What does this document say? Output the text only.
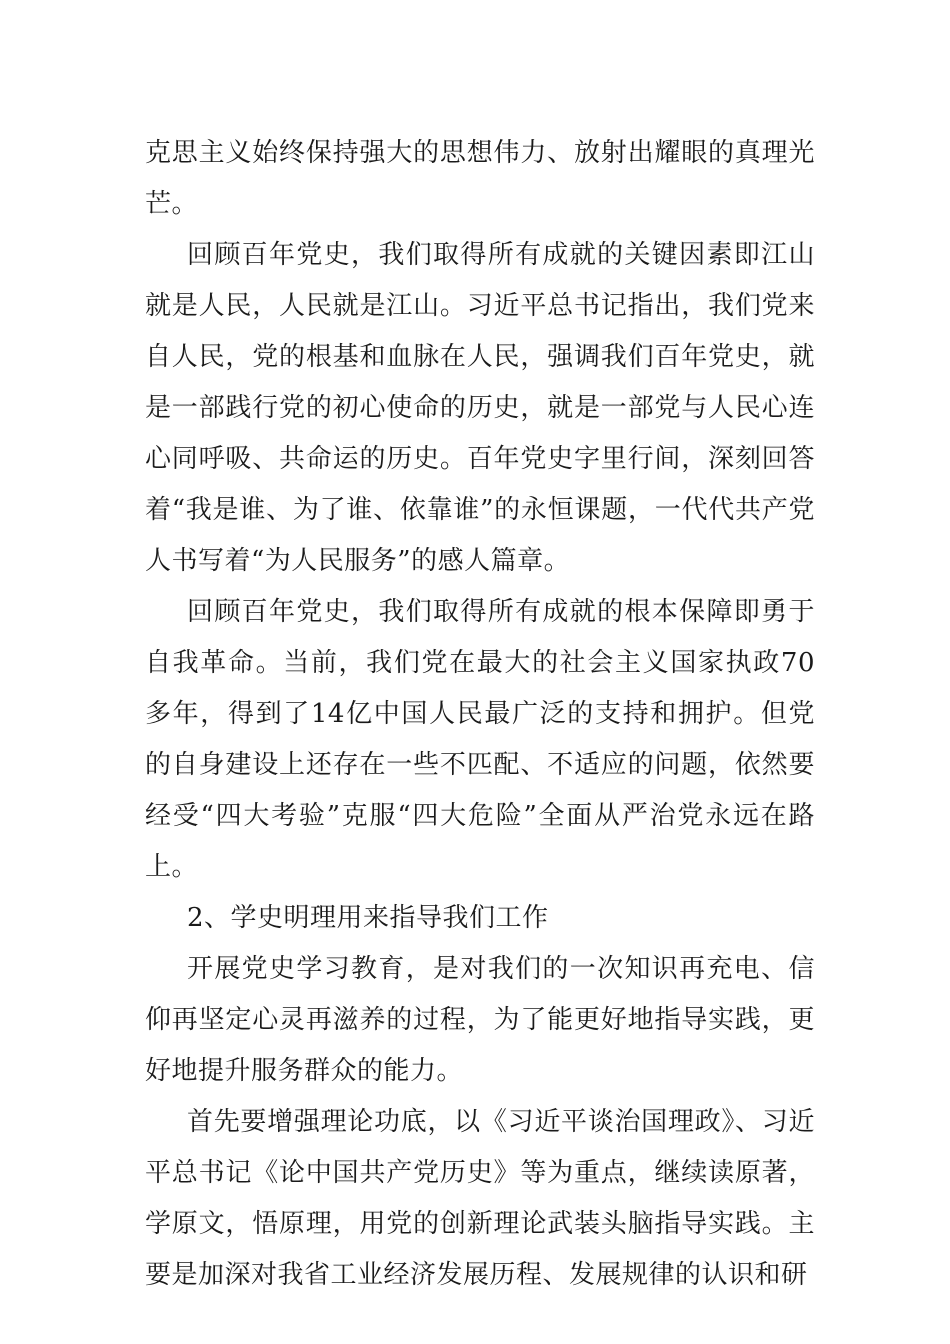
克思主义始终保持强大的思想伟力、放射出耀眼的真理光芒。

回顾百年党史，我们取得所有成就的关键因素即江山就是人民，人民就是江山。习近平总书记指出，我们党来自人民，党的根基和血脉在人民，强调我们百年党史，就是一部践行党的初心使命的历史，就是一部党与人民心连心同呼吸、共命运的历史。百年党史字里行间，深刻回答着“我是谁、为了谁、依靠谁”的永恒课题，一代代共产党人书写着“为人民服务”的感人篇章。

回顾百年党史，我们取得所有成就的根本保障即勇于自我革命。当前，我们党在最大的社会主义国家执政70多年，得到了14亿中国人民最广泛的支持和拥护。但党的自身建设上还存在一些不匹配、不适应的问题，依然要经受“四大考验”克服“四大危险”全面从严治党永远在路上。

2、学史明理用来指导我们工作

开展党史学习教育，是对我们的一次知识再充电、信仰再坚定心灵再滋养的过程，为了能更好地指导实践，更好地提升服务群众的能力。

首先要增强理论功底，以《习近平谈治国理政》、习近平总书记《论中国共产党历史》等为重点，继续读原著，学原文，悟原理，用党的创新理论武装头脑指导实践。主要是加深对我省工业经济发展历程、发展规律的认识和研
